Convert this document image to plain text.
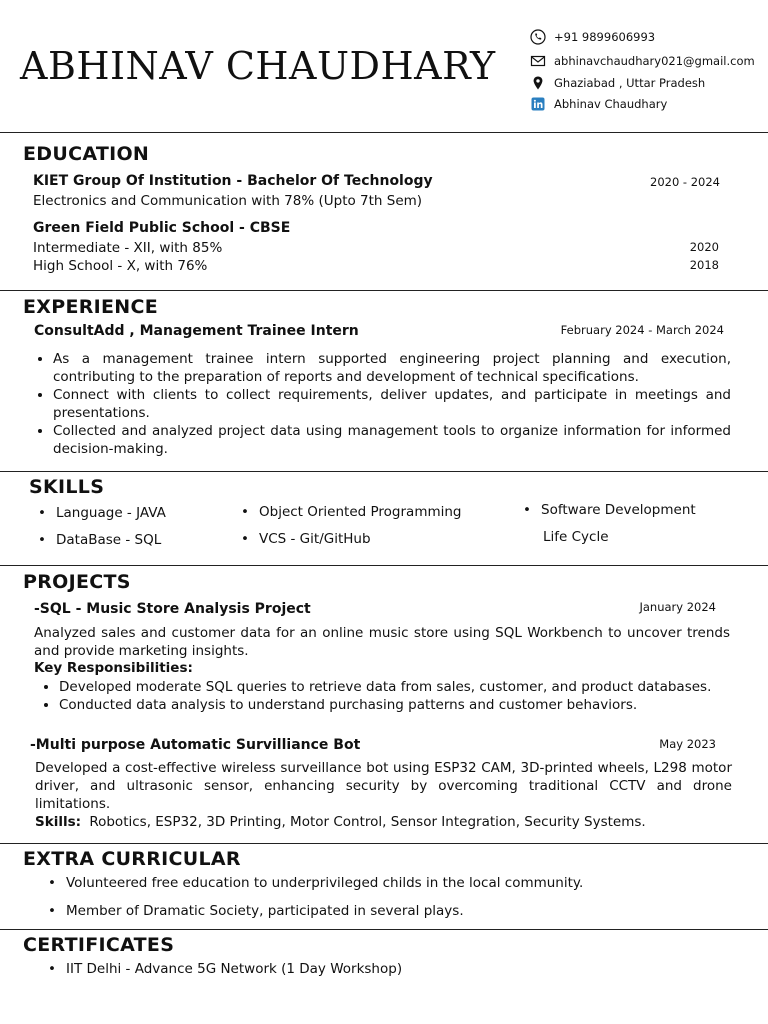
ABHINAV CHAUDHARY
+91 9899606993
abhinavchaudhary021@gmail.com
Ghaziabad , Uttar Pradesh
Abhinav Chaudhary
EDUCATION
KIET Group Of Institution - Bachelor Of Technology	2020 - 2024
Electronics and Communication with 78% (Upto 7th Sem)
Green Field Public School - CBSE
Intermediate - XII, with 85%	2020
High School - X, with 76%	2018
EXPERIENCE
ConsultAdd , Management Trainee Intern	February 2024 - March 2024
• As a management trainee intern supported engineering project planning and execution, contributing to the preparation of reports and development of technical specifications.
• Connect with clients to collect requirements, deliver updates, and participate in meetings and presentations.
• Collected and analyzed project data using management tools to organize information for informed decision-making.
SKILLS
• Language - JAVA
• DataBase - SQL
• Object Oriented Programming
• VCS - Git/GitHub
• Software Development
Life Cycle
PROJECTS
-SQL - Music Store Analysis Project	January 2024
Analyzed sales and customer data for an online music store using SQL Workbench to uncover trends and provide marketing insights.
Key Responsibilities:
• Developed moderate SQL queries to retrieve data from sales, customer, and product databases.
• Conducted data analysis to understand purchasing patterns and customer behaviors.
-Multi purpose Automatic Survilliance Bot	May 2023
Developed a cost-effective wireless surveillance bot using ESP32 CAM, 3D-printed wheels, L298 motor driver, and ultrasonic sensor, enhancing security by overcoming traditional CCTV and drone limitations.
Skills: Robotics, ESP32, 3D Printing, Motor Control, Sensor Integration, Security Systems.
EXTRA CURRICULAR
• Volunteered free education to underprivileged childs in the local community.
• Member of Dramatic Society, participated in several plays.
CERTIFICATES
• IIT Delhi - Advance 5G Network (1 Day Workshop)
